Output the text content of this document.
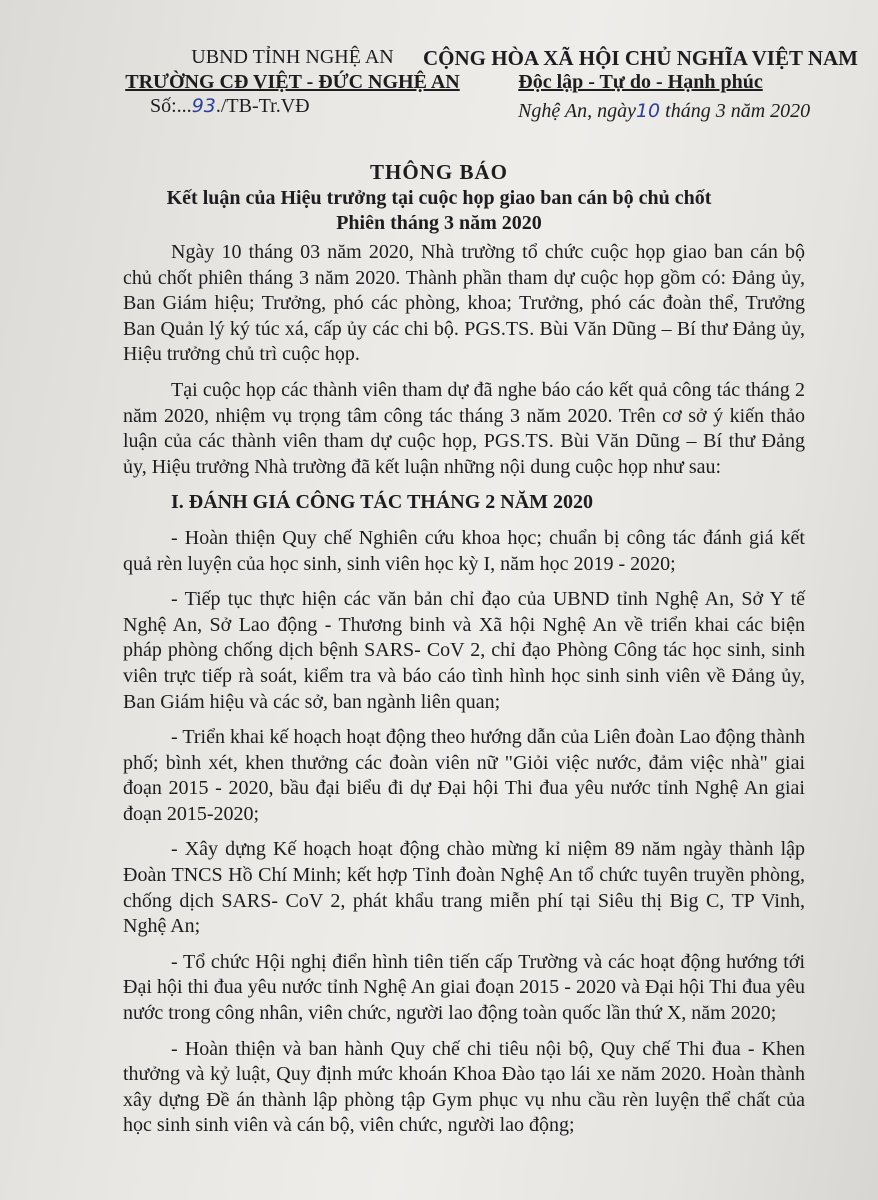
UBND TỈNH NGHỆ AN
TRƯỜNG CĐ VIỆT - ĐỨC NGHỆ AN
Số:...93./TB-Tr.VĐ
CỘNG HÒA XÃ HỘI CHỦ NGHĨA VIỆT NAM
Độc lập - Tự do - Hạnh phúc
Nghệ An, ngày10 tháng 3 năm 2020
THÔNG BÁO
Kết luận của Hiệu trưởng tại cuộc họp giao ban cán bộ chủ chốt
Phiên tháng 3 năm 2020

Ngày 10 tháng 03 năm 2020, Nhà trường tổ chức cuộc họp giao ban cán bộ chủ chốt phiên tháng 3 năm 2020. Thành phần tham dự cuộc họp gồm có: Đảng ủy, Ban Giám hiệu; Trưởng, phó các phòng, khoa; Trưởng, phó các đoàn thể, Trưởng Ban Quản lý ký túc xá, cấp ủy các chi bộ. PGS.TS. Bùi Văn Dũng – Bí thư Đảng ủy, Hiệu trưởng chủ trì cuộc họp.

Tại cuộc họp các thành viên tham dự đã nghe báo cáo kết quả công tác tháng 2 năm 2020, nhiệm vụ trọng tâm công tác tháng 3 năm 2020. Trên cơ sở ý kiến thảo luận của các thành viên tham dự cuộc họp, PGS.TS. Bùi Văn Dũng – Bí thư Đảng ủy, Hiệu trưởng Nhà trường đã kết luận những nội dung cuộc họp như sau:

I. ĐÁNH GIÁ CÔNG TÁC THÁNG 2 NĂM 2020

- Hoàn thiện Quy chế Nghiên cứu khoa học; chuẩn bị công tác đánh giá kết quả rèn luyện của học sinh, sinh viên học kỳ I, năm học 2019 - 2020;

- Tiếp tục thực hiện các văn bản chỉ đạo của UBND tỉnh Nghệ An, Sở Y tế Nghệ An, Sở Lao động - Thương binh và Xã hội Nghệ An về triển khai các biện pháp phòng chống dịch bệnh SARS- CoV 2, chỉ đạo Phòng Công tác học sinh, sinh viên trực tiếp rà soát, kiểm tra và báo cáo tình hình học sinh sinh viên về Đảng ủy, Ban Giám hiệu và các sở, ban ngành liên quan;

- Triển khai kế hoạch hoạt động theo hướng dẫn của Liên đoàn Lao động thành phố; bình xét, khen thưởng các đoàn viên nữ "Giỏi việc nước, đảm việc nhà" giai đoạn 2015 - 2020, bầu đại biểu đi dự Đại hội Thi đua yêu nước tỉnh Nghệ An giai đoạn 2015-2020;

- Xây dựng Kế hoạch hoạt động chào mừng kỉ niệm 89 năm ngày thành lập Đoàn TNCS Hồ Chí Minh; kết hợp Tỉnh đoàn Nghệ An tổ chức tuyên truyền phòng, chống dịch SARS- CoV 2, phát khẩu trang miễn phí tại Siêu thị Big C, TP Vinh, Nghệ An;

- Tổ chức Hội nghị điển hình tiên tiến cấp Trường và các hoạt động hướng tới Đại hội thi đua yêu nước tỉnh Nghệ An giai đoạn 2015 - 2020 và Đại hội Thi đua yêu nước trong công nhân, viên chức, người lao động toàn quốc lần thứ X, năm 2020;

- Hoàn thiện và ban hành Quy chế chi tiêu nội bộ, Quy chế Thi đua - Khen thưởng và kỷ luật, Quy định mức khoán Khoa Đào tạo lái xe năm 2020. Hoàn thành xây dựng Đề án thành lập phòng tập Gym phục vụ nhu cầu rèn luyện thể chất của học sinh sinh viên và cán bộ, viên chức, người lao động;
